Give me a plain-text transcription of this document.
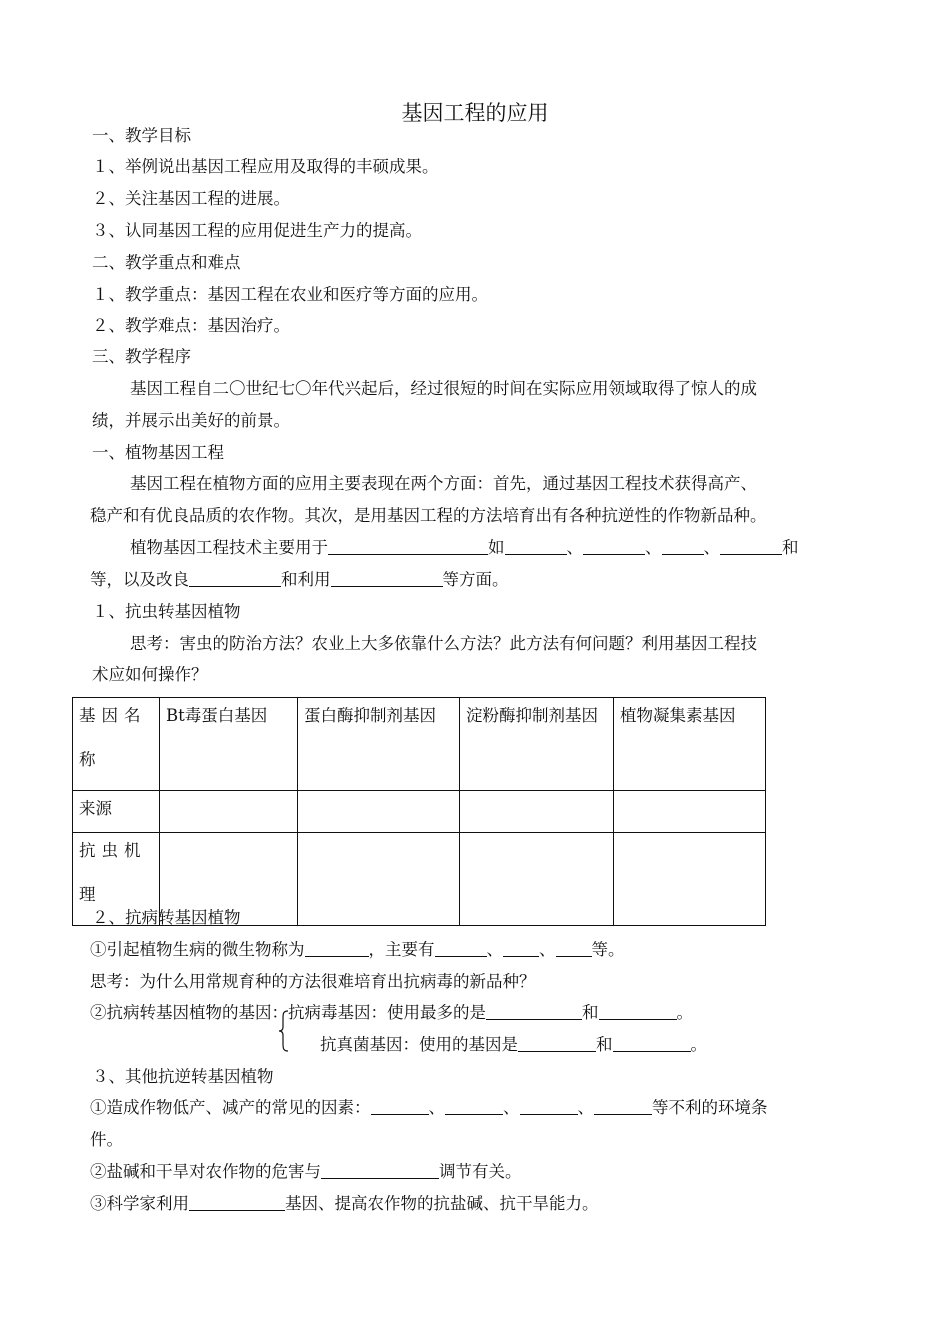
基因工程的应用
一、教学目标
１、举例说出基因工程应用及取得的丰硕成果。
２、关注基因工程的进展。
３、认同基因工程的应用促进生产力的提高。
二、教学重点和难点
１、教学重点：基因工程在农业和医疗等方面的应用。
２、教学难点：基因治疗。
三、教学程序
基因工程自二〇世纪七〇年代兴起后，经过很短的时间在实际应用领域取得了惊人的成
绩，并展示出美好的前景。
一、植物基因工程
基因工程在植物方面的应用主要表现在两个方面：首先，通过基因工程技术获得高产、
稳产和有优良品质的农作物。其次，是用基因工程的方法培育出有各种抗逆性的作物新品种。
植物基因工程技术主要用于	如	、	、	、	和
等，以及改良	和利用	等方面。
１、抗虫转基因植物
思考：害虫的防治方法？农业上大多依靠什么方法？此方法有何问题？利用基因工程技
术应如何操作？
基因名称	Bt毒蛋白基因	蛋白酶抑制剂基因	淀粉酶抑制剂基因	植物凝集素基因

来源				

抗虫机理				

２、抗病转基因植物
①引起植物生病的微生物称为	，主要有	、 、 等。
思考：为什么用常规育种的方法很难培育出抗病毒的新品种？
②抗病转基因植物的基因：抗病毒基因：使用最多的是	和	。
抗真菌基因：使用的基因是	和	。
３、其他抗逆转基因植物
①造成作物低产、减产的常见的因素：	、	、	、	等不利的环境条
件。
②盐碱和干旱对农作物的危害与	调节有关。
③科学家利用	基因、提高农作物的抗盐碱、抗干旱能力。
